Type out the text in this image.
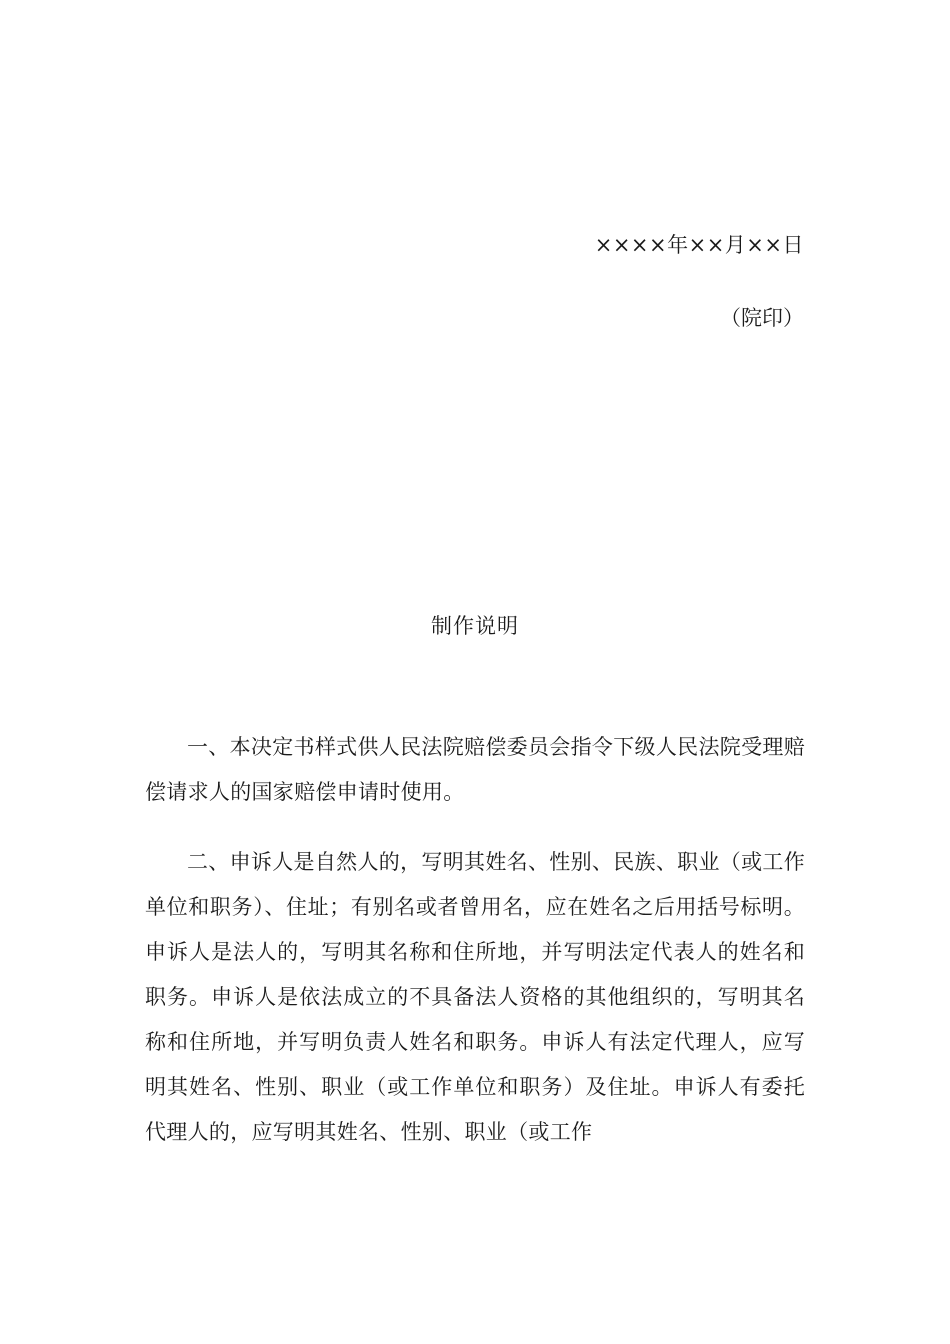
××××年××月××日
（院印）
制作说明

一、本决定书样式供人民法院赔偿委员会指令下级人民法院受理赔偿请求人的国家赔偿申请时使用。

二、申诉人是自然人的，写明其姓名、性别、民族、职业（或工作单位和职务）、住址；有别名或者曾用名，应在姓名之后用括号标明。申诉人是法人的，写明其名称和住所地，并写明法定代表人的姓名和职务。申诉人是依法成立的不具备法人资格的其他组织的，写明其名称和住所地，并写明负责人姓名和职务。申诉人有法定代理人，应写明其姓名、性别、职业（或工作单位和职务）及住址。申诉人有委托代理人的，应写明其姓名、性别、职业（或工作
